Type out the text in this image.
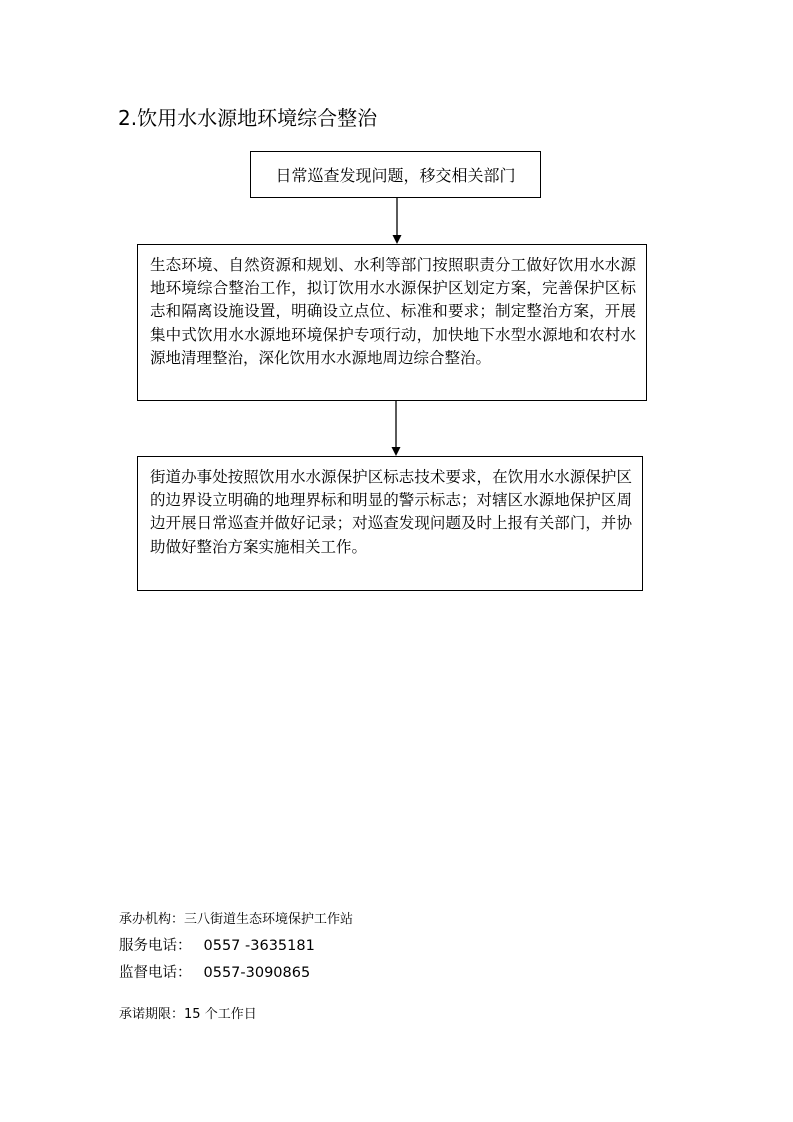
2.饮用水水源地环境综合整治
日常巡查发现问题，移交相关部门
生态环境、自然资源和规划、水利等部门按照职责分工做好饮用水水源地环境综合整治工作，拟订饮用水水源保护区划定方案，完善保护区标志和隔离设施设置，明确设立点位、标准和要求；制定整治方案，开展集中式饮用水水源地环境保护专项行动，加快地下水型水源地和农村水源地清理整治，深化饮用水水源地周边综合整治。
街道办事处按照饮用水水源保护区标志技术要求，在饮用水水源保护区的边界设立明确的地理界标和明显的警示标志；对辖区水源地保护区周边开展日常巡查并做好记录；对巡查发现问题及时上报有关部门，并协助做好整治方案实施相关工作。
承办机构：三八街道生态环境保护工作站
服务电话： 0557 -3635181
监督电话： 0557-3090865
承诺期限：15 个工作日
